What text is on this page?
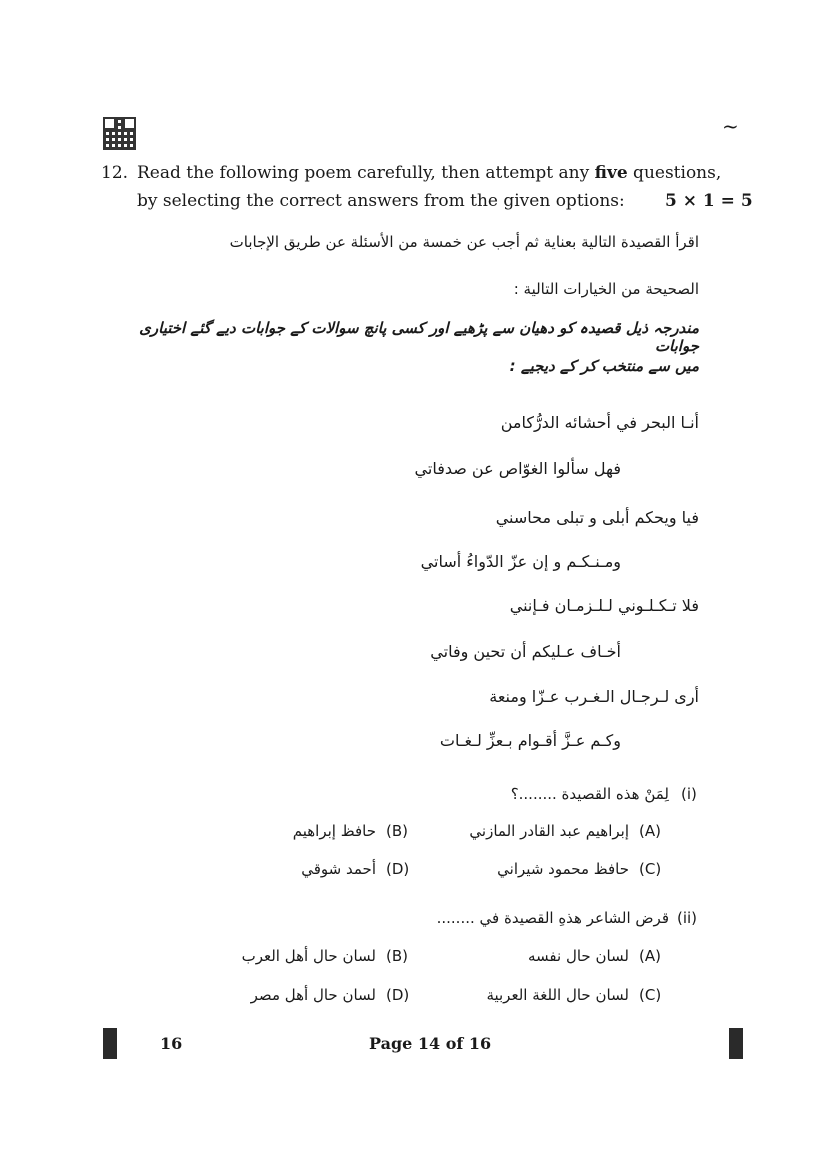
~
12. Read the following poem carefully, then attempt any five questions,
by selecting the correct answers from the given options: 5 × 1 = 5
اقرأ القصيدة التالية بعناية ثم أجب عن خمسة من الأسئلة عن طريق الإجابات
الصحيحة من الخيارات التالية :
مندرجہ ذیل قصیدہ کو دھیان سے پڑھیے اور کسی پانچ سوالات کے جوابات دیے گئے اختیاری جوابات
میں سے منتخب کر کے دیجیے :
أنـا البحر في أحشائه الدرُّكامن
فهل سألوا الغوّاص عن صدفاتي
فيا ويحكم أبلى و تبلى محاسني
ومـنـكـم و إن عزّ الدّواءُ أساتي
فلا تـكـلـوني لـلـزمـان فـإنني
أخـاف عـليكم أن تحين وفاتي
أرى لـرجـال الـغـرب عـزّا ومنعة
وكـم عـزَّ أقـوام بـعزِّ لـغـات
(i)
لِمَنْ هذه القصيدة ........؟
(A)
إبراهيم عبد القادر المازني
(B)
حافظ إبراهيم
(C)
حافظ محمود شيراني
(D)
أحمد شوقي
(ii)
قرض الشاعر هذهِ القصيدة في ........
(A)
لسان حال نفسه
(B)
لسان حال أهل العرب
(C)
لسان حال اللغة العربية
(D)
لسان حال أهل مصر
16	Page 14 of 16
